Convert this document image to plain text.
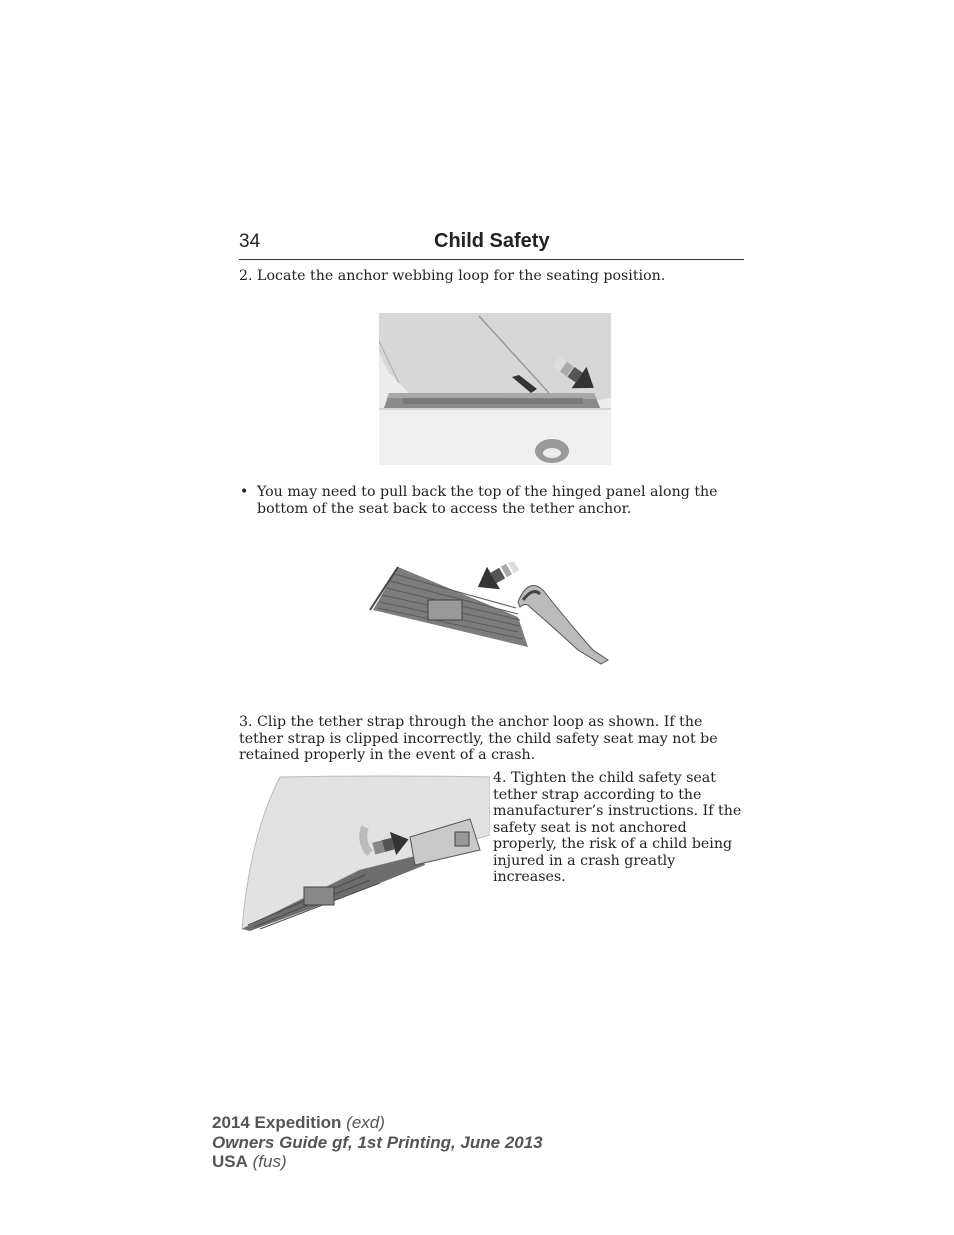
34	Child Safety
2. Locate the anchor webbing loop for the seating position.
• You may need to pull back the top of the hinged panel along the bottom of the seat back to access the tether anchor.
3. Clip the tether strap through the anchor loop as shown. If the tether strap is clipped incorrectly, the child safety seat may not be retained properly in the event of a crash.
4. Tighten the child safety seat tether strap according to the manufacturer’s instructions. If the safety seat is not anchored properly, the risk of a child being injured in a crash greatly increases.
2014 Expedition (exd)
Owners Guide gf, 1st Printing, June 2013
USA (fus)
